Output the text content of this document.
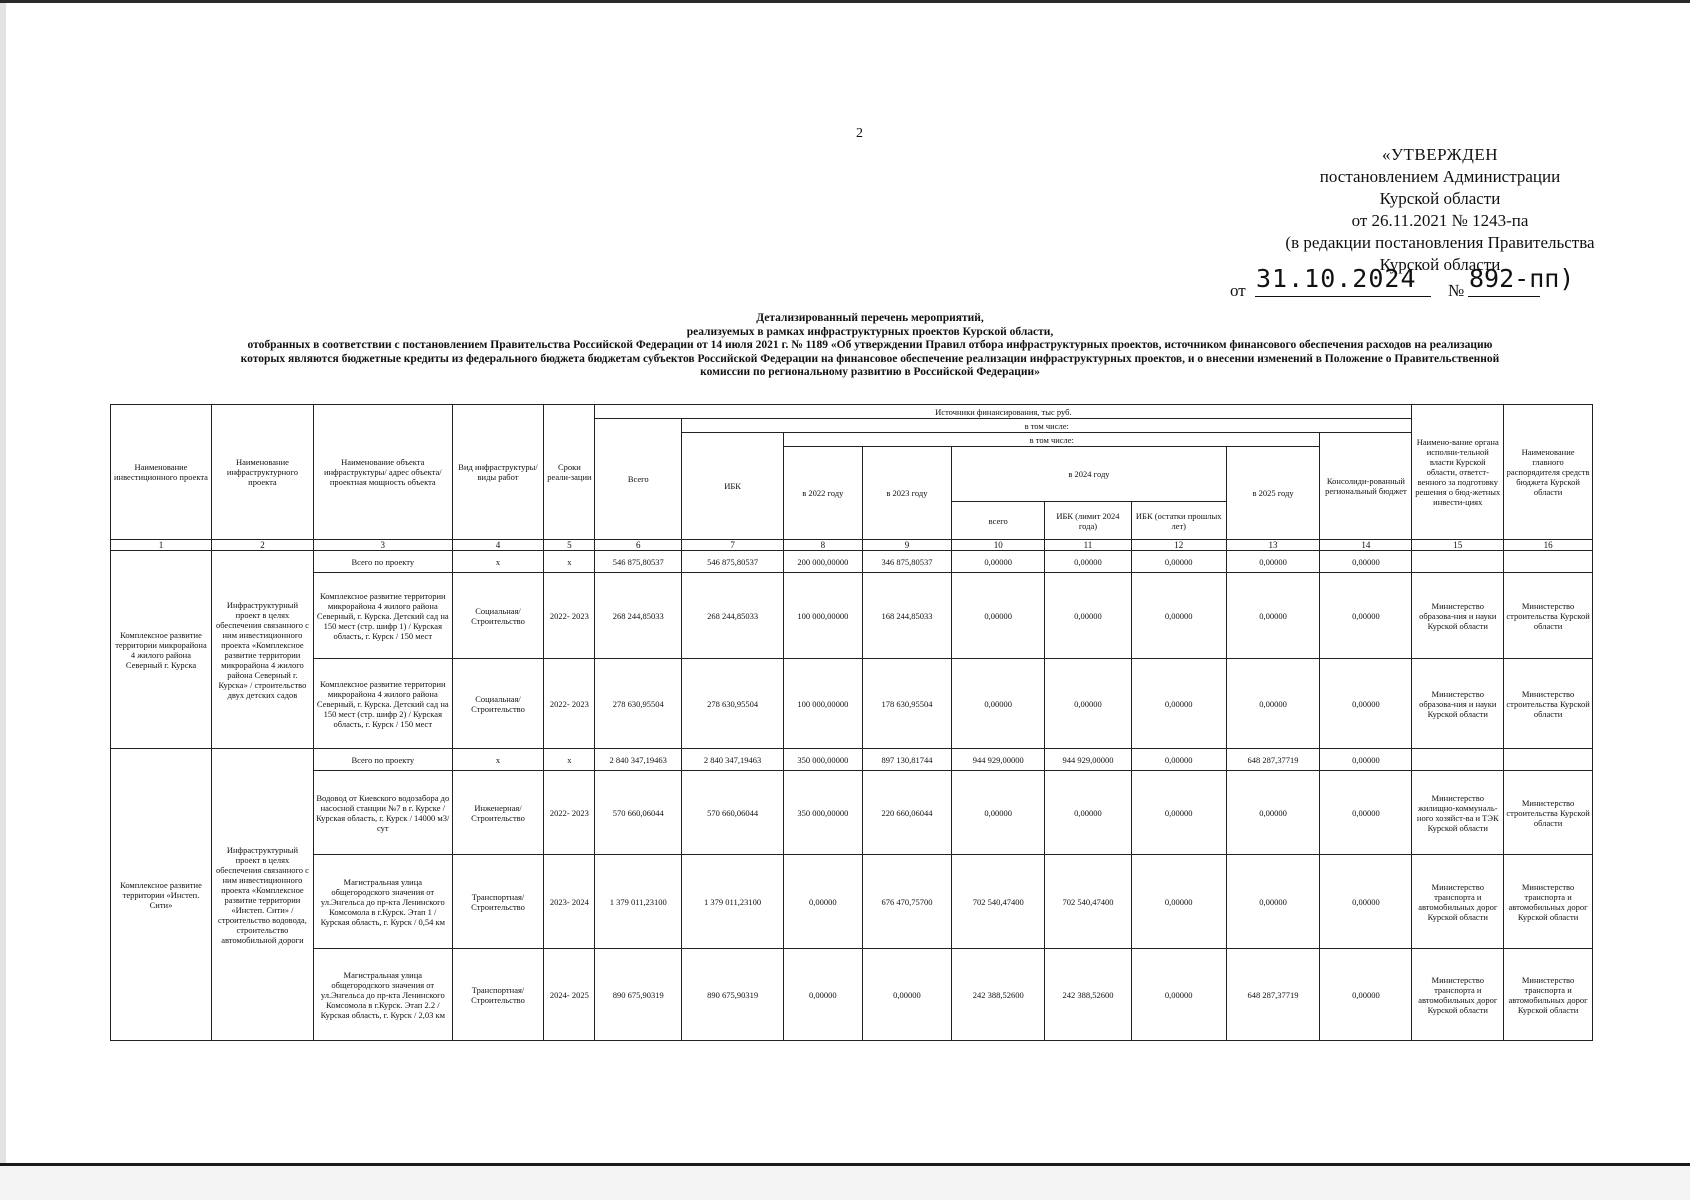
2
«УТВЕРЖДЕН
постановлением Администрации
Курской области
от 26.11.2021 № 1243-па
(в редакции постановления Правительства
Курской области
от 31.10.2024 № 892-пп)
Детализированный перечень мероприятий,
реализуемых в рамках инфраструктурных проектов Курской области,
отобранных в соответствии с постановлением Правительства Российской Федерации от 14 июля 2021 г. № 1189 «Об утверждении Правил отбора инфраструктурных проектов, источником финансового обеспечения расходов на реализацию
которых являются бюджетные кредиты из федерального бюджета бюджетам субъектов Российской Федерации на финансовое обеспечение реализации инфраструктурных проектов, и о внесении изменений в Положение о Правительственной
комиссии по региональному развитию в Российской Федерации»
Наименование инвестиционного проекта	Наименование инфраструктурного проекта	Наименование объекта инфраструктуры/ адрес объекта/ проектная мощность объекта	Вид инфраструктуры/ виды работ	Сроки реали-зации	Источники финансирования, тыс руб.									Наимено-вание органа исполни-тельной власти Курской области, ответст-венного за подготовку решения о бюд-жетных инвести-циях	Наименование главного распорядителя средств бюджета Курской области
					Всего	в том числе:									
						ИБК	в том числе:						Консолиди-рованный региональный бюджет		
							в 2022 году	в 2023 году	в 2024 году			в 2025 году			
									всего	ИБК (лимит 2024 года)	ИБК (остатки прошлых лет)				
1	2	3	4	5	6	7	8	9	10	11	12	13	14	15	16
Комплексное развитие территории микрорайона 4 жилого района Северный г. Курска	Инфраструктурный проект в целях обеспечения связанного с ним инвестиционного проекта «Комплексное развитие территории микрорайона 4 жилого района Северный г. Курска» / строительство двух детских садов	Всего по проекту	х	х	546 875,80537	546 875,80537	200 000,00000	346 875,80537	0,00000	0,00000	0,00000	0,00000	0,00000		
		Комплексное развитие территории микрорайона 4 жилого района Северный, г. Курска. Детский сад на 150 мест (стр. шифр 1) / Курская область, г. Курск / 150 мест	Социальная/ Строительство	2022- 2023	268 244,85033	268 244,85033	100 000,00000	168 244,85033	0,00000	0,00000	0,00000	0,00000	0,00000	Министерство образова-ния и науки Курской области	Министерство строительства Курской области
		Комплексное развитие территории микрорайона 4 жилого района Северный, г. Курска. Детский сад на 150 мест (стр. шифр 2) / Курская область, г. Курск / 150 мест	Социальная/ Строительство	2022- 2023	278 630,95504	278 630,95504	100 000,00000	178 630,95504	0,00000	0,00000	0,00000	0,00000	0,00000	Министерство образова-ния и науки Курской области	Министерство строительства Курской области
Комплексное развитие территории «Инстеп. Сити»	Инфраструктурный проект в целях обеспечения связанного с ним инвестиционного проекта «Комплексное развитие территории «Инстеп. Сити» / строительство водовода, строительство автомобильной дороги	Всего по проекту	х	х	2 840 347,19463	2 840 347,19463	350 000,00000	897 130,81744	944 929,00000	944 929,00000	0,00000	648 287,37719	0,00000		
		Водовод от Киевского водозабора до насосной станции №7 в г. Курске / Курская область, г. Курск / 14000 м3/сут	Инженерная/ Строительство	2022- 2023	570 660,06044	570 660,06044	350 000,00000	220 660,06044	0,00000	0,00000	0,00000	0,00000	0,00000	Министерство жилищно-коммуналь-ного хозяйст-ва и ТЭК Курской области	Министерство строительства Курской области
		Магистральная улица общегородского значения от ул.Энгельса до пр-кта Ленинского Комсомола в г.Курск. Этап 1 / Курская область, г. Курск / 0,54 км	Транспортная/ Строительство	2023- 2024	1 379 011,23100	1 379 011,23100	0,00000	676 470,75700	702 540,47400	702 540,47400	0,00000	0,00000	0,00000	Министерство транспорта и автомобильных дорог Курской области	Министерство транспорта и автомобильных дорог Курской области
		Магистральная улица общегородского значения от ул.Энгельса до пр-кта Ленинского Комсомола в г.Курск. Этап 2.2 / Курская область, г. Курск / 2,03 км	Транспортная/ Строительство	2024- 2025	890 675,90319	890 675,90319	0,00000	0,00000	242 388,52600	242 388,52600	0,00000	648 287,37719	0,00000	Министерство транспорта и автомобильных дорог Курской области	Министерство транспорта и автомобильных дорог Курской области
